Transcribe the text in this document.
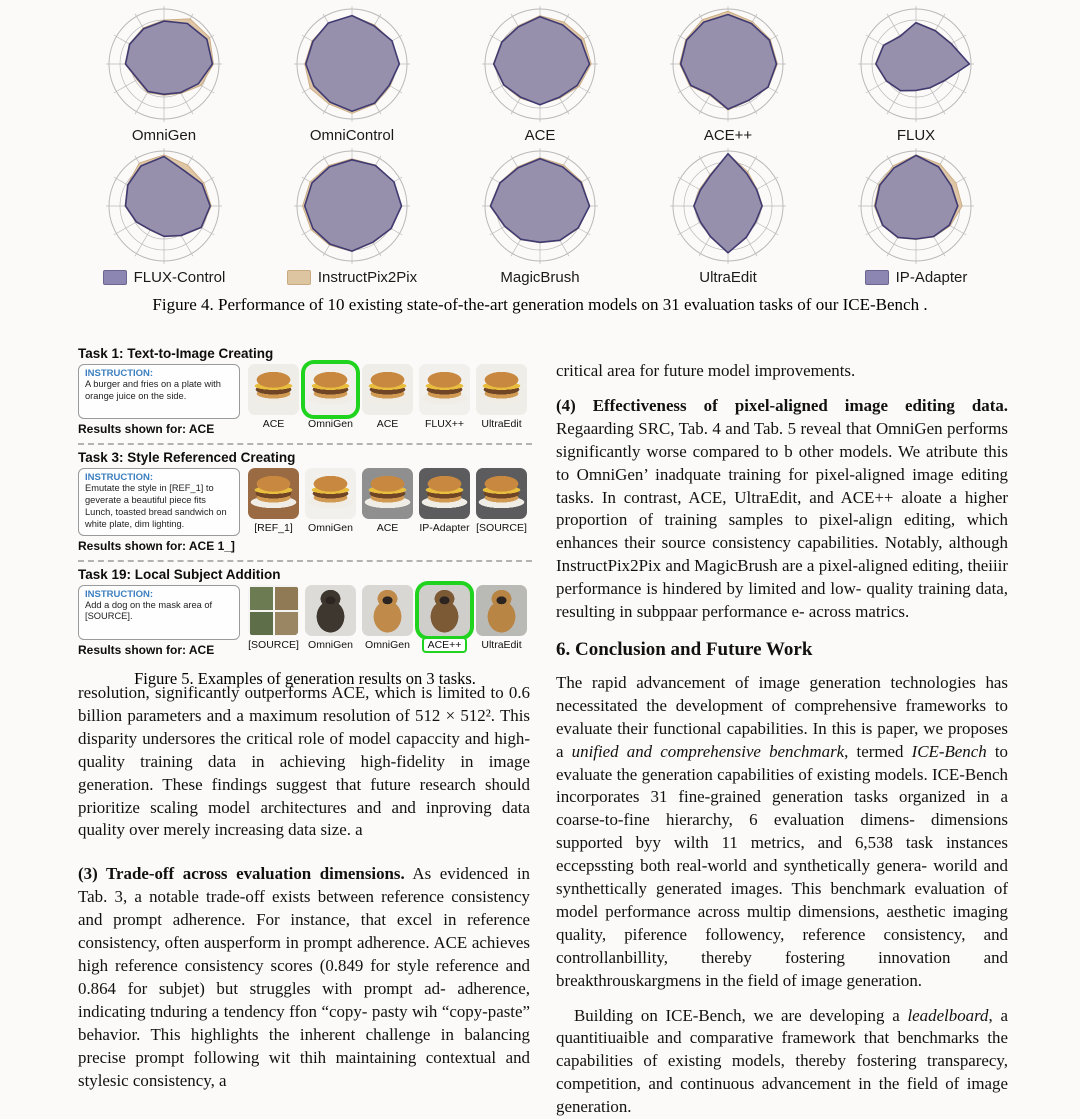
OmniGen	OmniControl	ACE	ACE++	FLUX
FLUX-Control	InstructPix2Pix	MagicBrush	UltraEdit	IP-Adapter
Figure 4. Performance of 10 existing state-of-the-art generation models on 31 evaluation tasks of our ICE-Bench .
Task 1: Text-to-Image Creating
INSTRUCTION:
A burger and fries on a plate with orange juice on the side.
Results shown for: ACE	ACE OmniGen ACE	FLUX++ UltraEdit
Task 3: Style Referenced Creating
INSTRUCTION:
Emutate the style in [REF_1] to geverate a beautiful piece fits Lunch, toasted bread sandwich on white plate, dim lighting.
Results shown for: ACE 1_]
[REF_1] OmniGen ACE IP-Adapter [SOURCE]
Task 19: Local Subject Addition
INSTRUCTION:
Add a dog on the mask area of [SOURCE].
Results shown for: ACE	[SOURCE] OmniGen OmniGen	ACE++	UltraEdit
Figure 5. Examples of generation results on 3 tasks.

resolution, significantly outperforms ACE, which is limited to 0.6 billion parameters and a maximum resolution of 512 × 512². This disparity undersores the critical role of model capaccity and high-quality training data in achieving high-fidelity in image generation. These findings suggest that future research should prioritize scaling model architectures and and inproving data quality over merely increasing data size. a

(3) Trade-off across evaluation dimensions. As evidenced in Tab. 3, a notable trade-off exists between reference consistency and prompt adherence. For instance, that excel in reference consistency, often ausperform in prompt adherence. ACE achieves high reference consistency scores (0.849 for style reference and 0.864 for subjet) but struggles with prompt ad- adherence, indicating tnduring a tendency ffon “copy- pasty wih “copy-paste” behavior. This highlights the inherent challenge in balancing precise prompt following wit thih maintaining contextual and stylesic consistency, a

critical area for future model improvements.

(4) Effectiveness of pixel-aligned image editing data. Regaarding SRC, Tab. 4 and Tab. 5 reveal that OmniGen performs significantly worse compared to b other models. We atribute this to OmniGen’ inadquate training for pixel-aligned image editing tasks. In contrast, ACE, UltraEdit, and ACE++ aloate a higher proportion of training samples to pixel-align editing, which enhances their source consistency capabilities. Notably, although InstructPix2Pix and MagicBrush are a pixel-aligned editing, theiiir performance is hindered by limited and low- quality training data, resulting in subppaar performance e- across matrics.

6. Conclusion and Future Work

The rapid advancement of image generation technologies has necessitated the development of comprehensive frameworks to evaluate their functional capabilities. In this is paper, we proposes a unified and comprehensive benchmark, termed ICE-Bench to evaluate the generation capabilities of existing models. ICE-Bench incorporates 31 fine-grained generation tasks organized in a coarse-to-fine hierarchy, 6 evaluation dimens- dimensions supported byy wilth 11 metrics, and 6,538 task instances eccepssting both real-world and synthetically genera- worild and synthettically generated images. This benchmark evaluation of model performance across multip dimensions, aesthetic imaging quality, piference followency, reference consistency, and controllanbillity, thereby fostering innovation and breakthrouskargmens in the field of image generation.

Building on ICE-Bench, we are developing a leadelboard, a quantitiuaible and comparative framework that benchmarks the capabilities of existing models, thereby fostering transparecy, competition, and continuous advancement in the field of image generation.
